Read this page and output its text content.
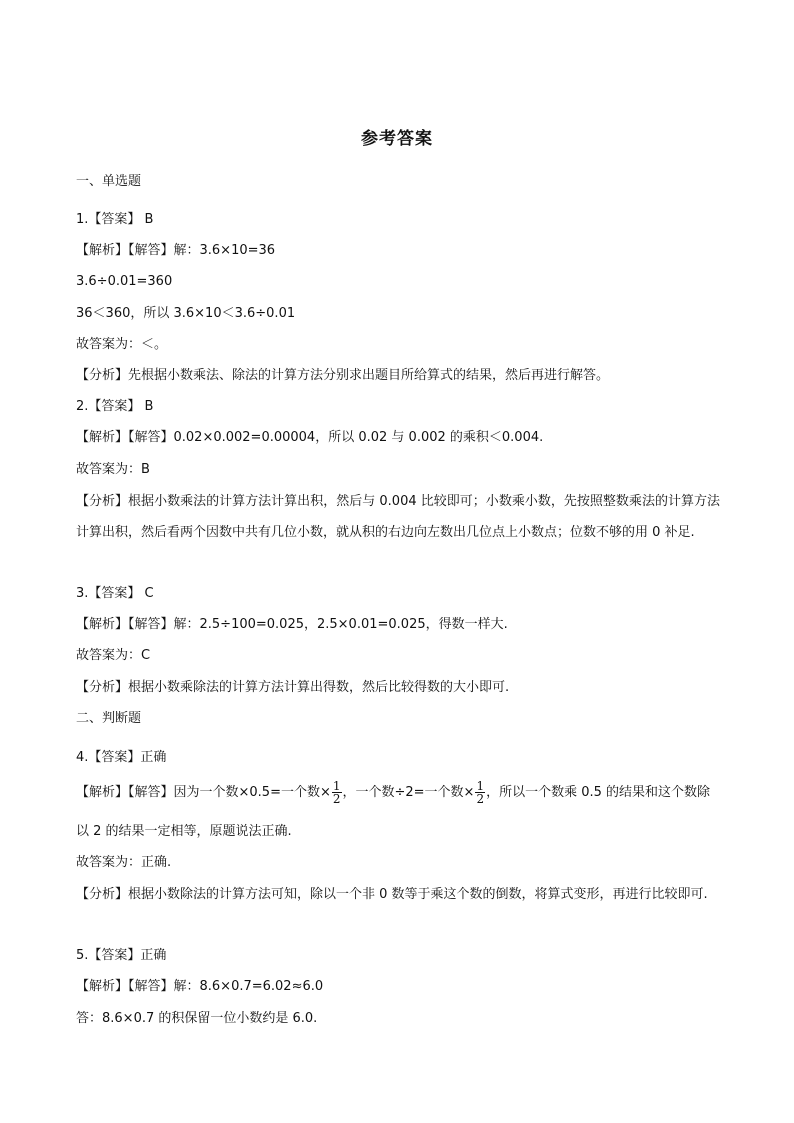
参考答案
一、单选题
1.【答案】 B
【解析】【解答】解：3.6×10=36
3.6÷0.01=360
36＜360，所以 3.6×10＜3.6÷0.01
故答案为：＜。
【分析】先根据小数乘法、除法的计算方法分别求出题目所给算式的结果，然后再进行解答。
2.【答案】 B
【解析】【解答】0.02×0.002=0.00004，所以 0.02 与 0.002 的乘积＜0.004.
故答案为：B
【分析】根据小数乘法的计算方法计算出积，然后与 0.004 比较即可；小数乘小数，先按照整数乘法的计算方法计算出积，然后看两个因数中共有几位小数，就从积的右边向左数出几位点上小数点；位数不够的用 0 补足.
3.【答案】 C
【解析】【解答】解：2.5÷100=0.025，2.5×0.01=0.025，得数一样大.
故答案为：C
【分析】根据小数乘除法的计算方法计算出得数，然后比较得数的大小即可.
二、判断题
4.【答案】正确
【解析】【解答】因为一个数×0.5=一个数× $\frac{1}{2}$ ，一个数÷2=一个数× $\frac{1}{2}$ ，所以一个数乘 0.5 的结果和这个数除
以 2 的结果一定相等，原题说法正确.
故答案为：正确.
【分析】根据小数除法的计算方法可知，除以一个非 0 数等于乘这个数的倒数，将算式变形，再进行比较即可.
5.【答案】正确
【解析】【解答】解：8.6×0.7=6.02≈6.0
答：8.6×0.7 的积保留一位小数约是 6.0.
